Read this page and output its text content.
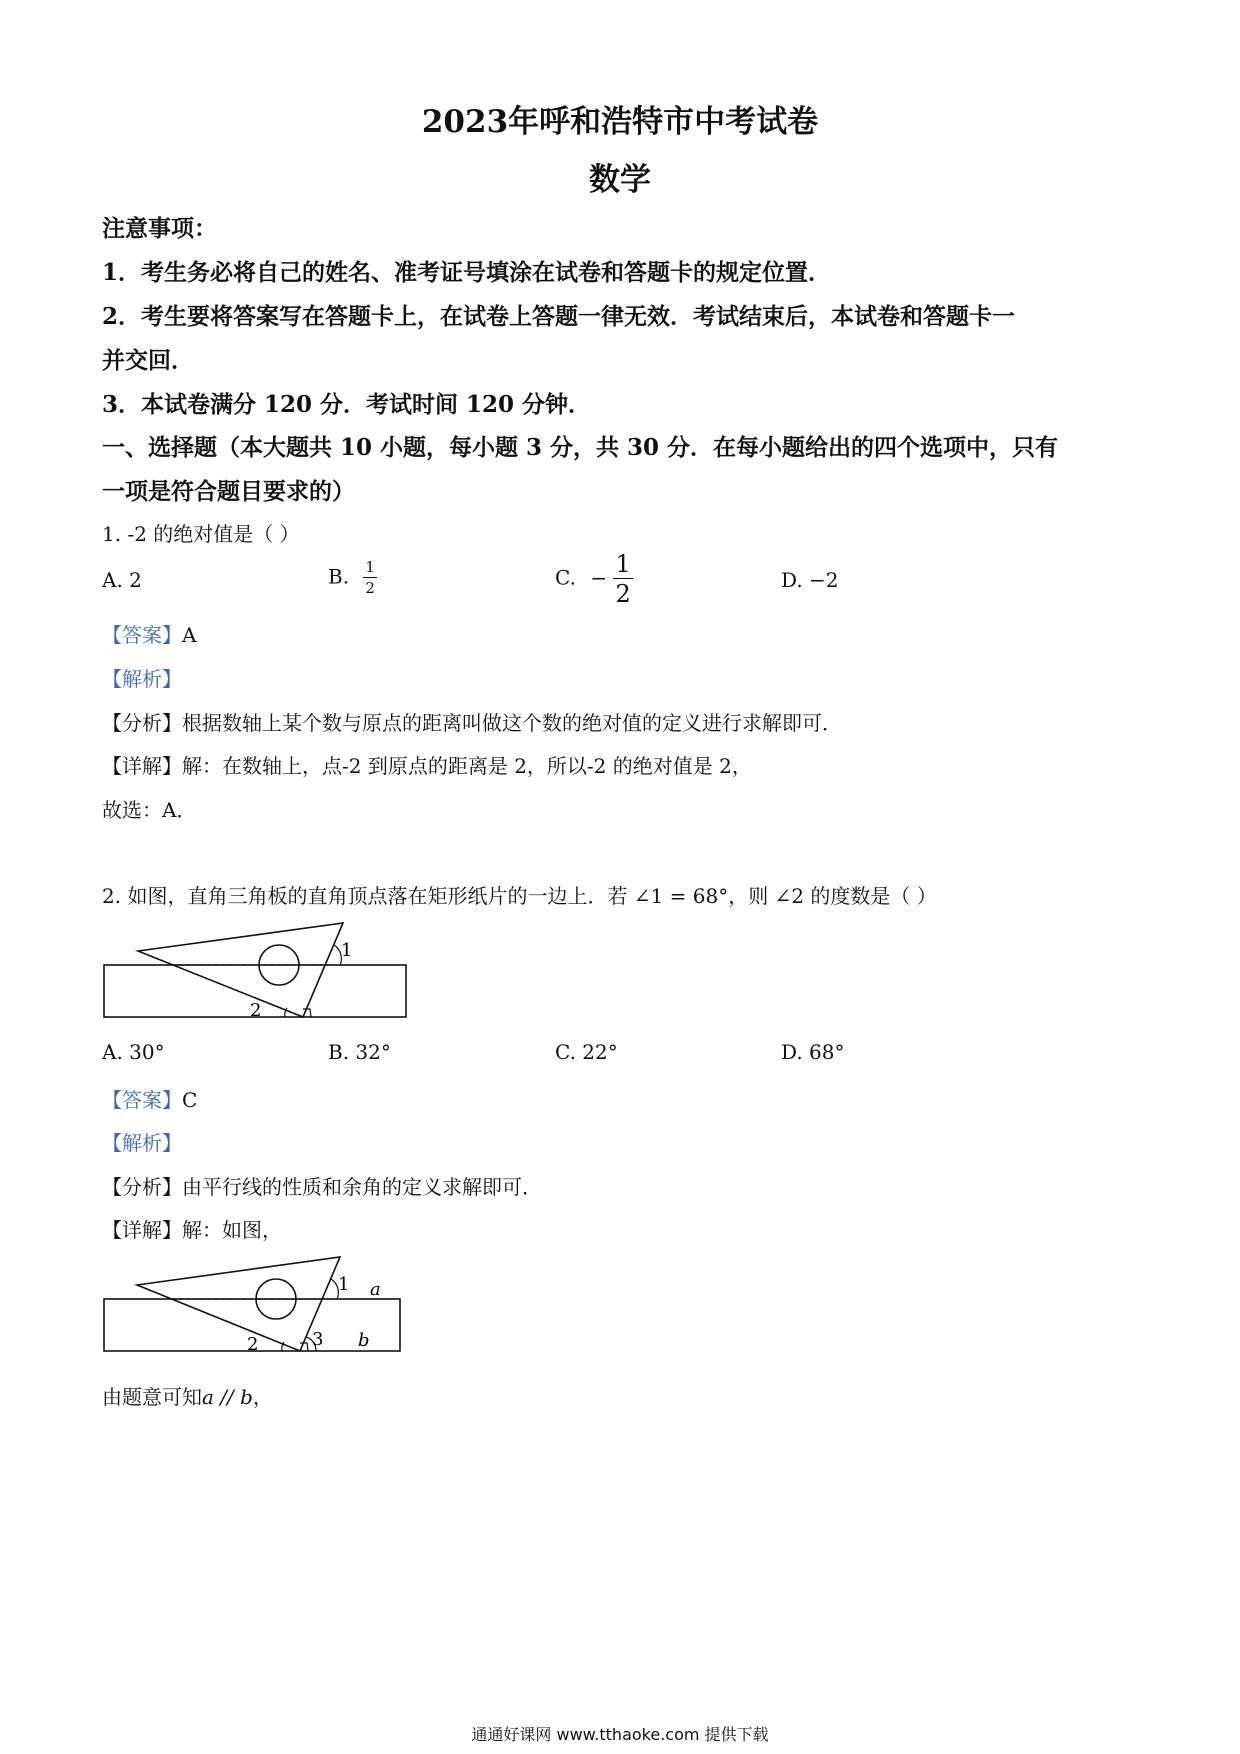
2023年呼和浩特市中考试卷
数学
注意事项：
1．考生务必将自己的姓名、准考证号填涂在试卷和答题卡的规定位置．
2．考生要将答案写在答题卡上，在试卷上答题一律无效．考试结束后，本试卷和答题卡一
并交回．
3．本试卷满分 120 分．考试时间 120 分钟．
一、选择题（本大题共 10 小题，每小题 3 分，共 30 分．在每小题给出的四个选项中，只有
一项是符合题目要求的）
1. -2 的绝对值是（ ）
A. 2	B. $\frac{1}{2}$	C. − $\frac{1}{2}$	D. −2
【答案】A
【解析】
【分析】根据数轴上某个数与原点的距离叫做这个数的绝对值的定义进行求解即可．
【详解】解：在数轴上，点-2 到原点的距离是 2，所以-2 的绝对值是 2，
故选：A．
2. 如图，直角三角板的直角顶点落在矩形纸片的一边上．若 ∠1 = 68°，则 ∠2 的度数是（ ）
1
2
A. 30°	B. 32°	C. 22°	D. 68°
【答案】C
【解析】
【分析】由平行线的性质和余角的定义求解即可．
【详解】解：如图，
1
2	3
a
b
由题意可知a // b，
通通好课网 www.tthaoke.com 提供下载
